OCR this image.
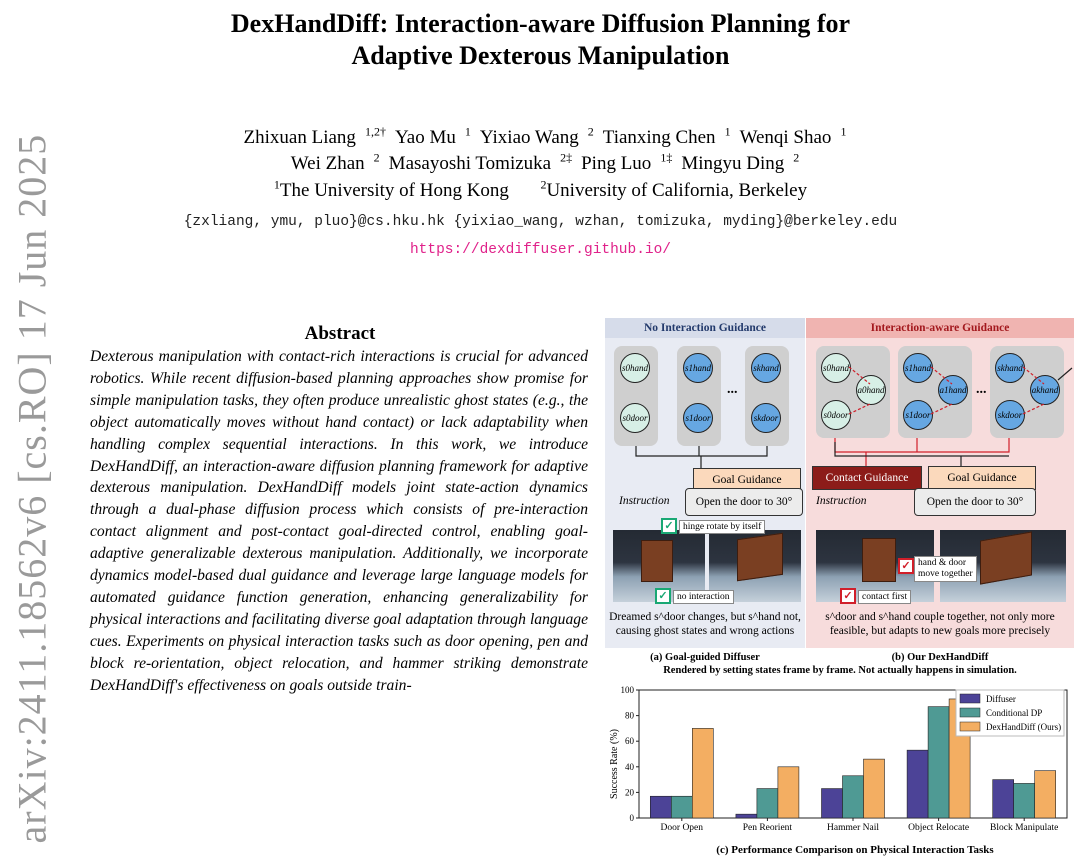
arXiv:2411.18562v6 [cs.RO] 17 Jun 2025
DexHandDiff: Interaction-aware Diffusion Planning for
Adaptive Dexterous Manipulation
Zhixuan Liang $^{1,2\dagger}$ Yao Mu $^1$ Yixiao Wang $^2$ Tianxing Chen $^1$ Wenqi Shao $^1$
Wei Zhan $^2$ Masayoshi Tomizuka $^{2\ddagger}$ Ping Luo $^{1\ddagger}$ Mingyu Ding $^2$
$^1$The University of Hong Kong	$^2$University of California, Berkeley
{zxliang, ymu, pluo}@cs.hku.hk {yixiao_wang, wzhan, tomizuka, myding}@berkeley.edu
https://dexdiffuser.github.io/
Abstract

Dexterous manipulation with contact-rich interactions is crucial for advanced robotics. While recent diffusion-based planning approaches show promise for simple manipulation tasks, they often produce unrealistic ghost states (e.g., the object automatically moves without hand contact) or lack adaptability when handling complex sequential interactions. In this work, we introduce DexHandDiff, an interaction-aware diffusion planning framework for adaptive dexterous manipulation. DexHandDiff models joint state-action dynamics through a dual-phase diffusion process which consists of pre-interaction contact alignment and post-contact goal-directed control, enabling goal-adaptive generalizable dexterous manipulation. Additionally, we incorporate dynamics model-based dual guidance and leverage large language models for automated guidance function generation, enhancing generalizability for physical interactions and facilitating diverse goal adaptation through language cues. Experiments on physical interaction tasks such as door opening, pen and block re-orientation, object relocation, and hammer striking demonstrate DexHandDiff's effectiveness on goals outside train-

No Interaction Guidance
s0hand
s0door
s1hand
s1door
skhand
skdoor
...
Goal Guidance
Instruction	Open the door to 30°
✓ hinge rotate by itself
✓ no interaction
Dreamed s^door changes, but s^hand not,
causing ghost states and wrong actions
Interaction-aware Guidance
s0hand
s0door
a0hand
s1hand
s1door
a1hand
skhand
skdoor
akhand
...
Contact Guidance	Goal Guidance
Instruction	Open the door to 30°
✓ hand & door
move together
✓ contact first
s^door and s^hand couple together, not only more
feasible, but adapts to new goals more precisely
(a) Goal-guided Diffuser	(b) Our DexHandDiff
Rendered by setting states frame by frame. Not actually happens in simulation.
Success Rate (%)
0
20
40
60
80
100
Door Open	Pen Reorient	Hammer Nail	Object Relocate Block Manipulate
Diffuser
Conditional DP
DexHandDiff (Ours)
(c) Performance Comparison on Physical Interaction Tasks
